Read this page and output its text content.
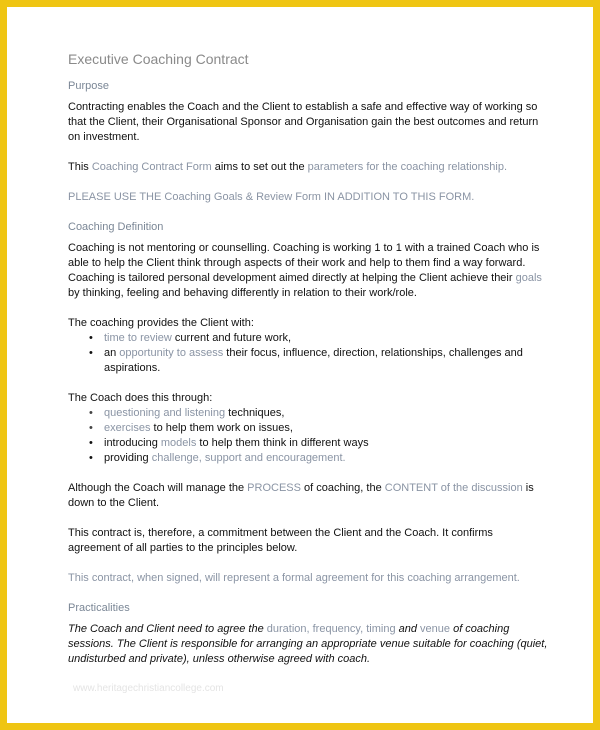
Executive Coaching Contract
Purpose

Contracting enables the Coach and the Client to establish a safe and effective way of working so that the Client, their Organisational Sponsor and Organisation gain the best outcomes and return on investment.

This Coaching Contract Form aims to set out the parameters for the coaching relationship.

PLEASE USE THE Coaching Goals & Review Form IN ADDITION TO THIS FORM.

Coaching Definition

Coaching is not mentoring or counselling. Coaching is working 1 to 1 with a trained Coach who is able to help the Client think through aspects of their work and help to them find a way forward. Coaching is tailored personal development aimed directly at helping the Client achieve their goals by thinking, feeling and behaving differently in relation to their work/role.

The coaching provides the Client with:

• time to review current and future work,
• an opportunity to assess their focus, influence, direction, relationships, challenges and aspirations.

The Coach does this through:

• questioning and listening techniques,
• exercises to help them work on issues,
• introducing models to help them think in different ways
• providing challenge, support and encouragement.

Although the Coach will manage the PROCESS of coaching, the CONTENT of the discussion is down to the Client.

This contract is, therefore, a commitment between the Client and the Coach. It confirms agreement of all parties to the principles below.

This contract, when signed, will represent a formal agreement for this coaching arrangement.

Practicalities

The Coach and Client need to agree the duration, frequency, timing and venue of coaching sessions. The Client is responsible for arranging an appropriate venue suitable for coaching (quiet, undisturbed and private), unless otherwise agreed with coach.

www.heritagechristiancollege.com
